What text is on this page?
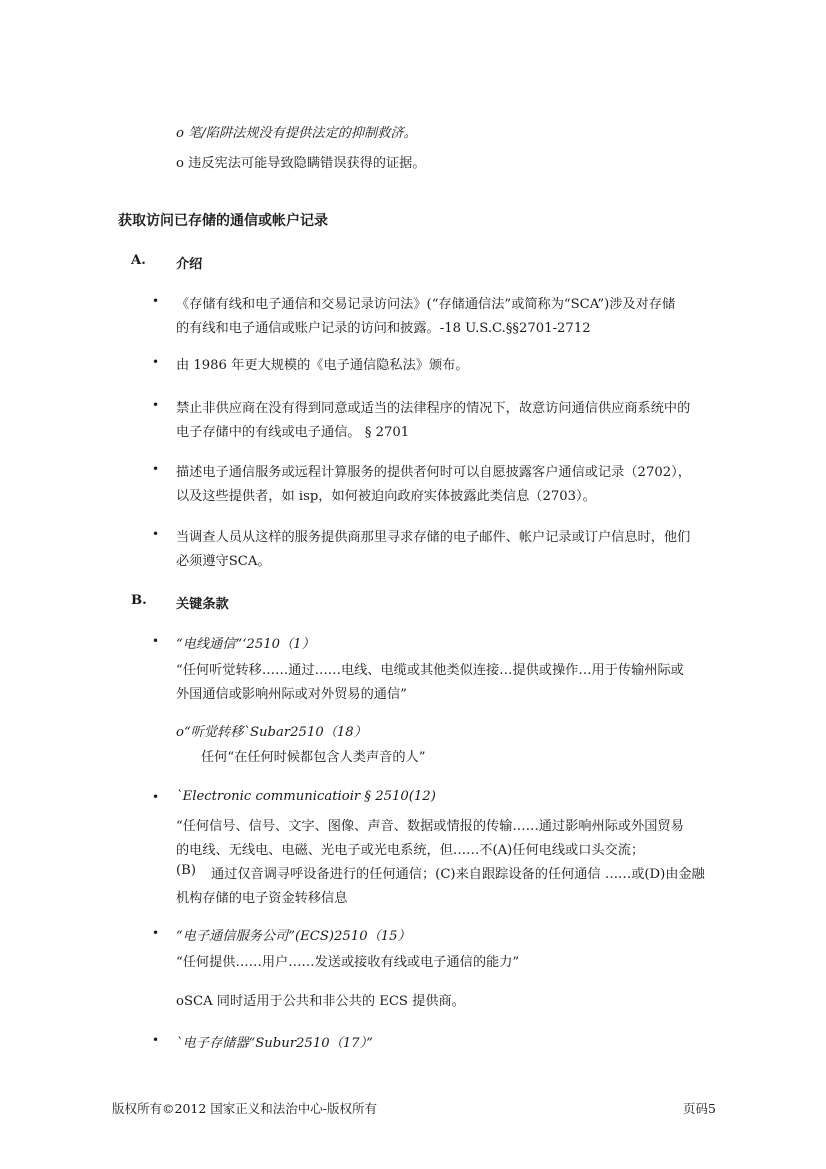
o 笔/陷阱法规没有提供法定的抑制救济。
o 违反宪法可能导致隐瞒错误获得的证据。
获取访问已存储的通信或帐户记录
A. 介绍
• 《存储有线和电子通信和交易记录访问法》(“存储通信法”或简称为“SCA”)涉及对存储
的有线和电子通信或账户记录的访问和披露。-18 U.S.C.§§2701-2712
• 由 1986 年更大规模的《电子通信隐私法》颁布。
• 禁止非供应商在没有得到同意或适当的法律程序的情况下，故意访问通信供应商系统中的
电子存储中的有线或电子通信。 § 2701
• 描述电子通信服务或远程计算服务的提供者何时可以自愿披露客户通信或记录（2702），
以及这些提供者，如 isp，如何被迫向政府实体披露此类信息（2703）。
• 当调查人员从这样的服务提供商那里寻求存储的电子邮件、帐户记录或订户信息时，他们
必须遵守SCA。
B. 关键条款
• “电线通信”‘2510（1）
“任何听觉转移……通过……电线、电缆或其他类似连接…提供或操作…用于传输州际或
外国通信或影响州际或对外贸易的通信”
o“听觉转移`Subar2510（18）
任何“在任何时候都包含人类声音的人”
• `Electronic communicatioir § 2510(12)
“任何信号、信号、文字、图像、声音、数据或情报的传输……通过影响州际或外国贸易
的电线、无线电、电磁、光电子或光电系统，但……不(A)任何电线或口头交流；
(B) 通过仅音调寻呼设备进行的任何通信；(C)来自跟踪设备的任何通信 ……或(D)由金融
机构存储的电子资金转移信息
• “电子通信服务公司”(ECS)2510（15）
“任何提供……用户……发送或接收有线或电子通信的能力”
oSCA 同时适用于公共和非公共的 ECS 提供商。
• `电子存储器“Subur2510（17）”
版权所有©2012 国家正义和法治中心-版权所有	页码5
